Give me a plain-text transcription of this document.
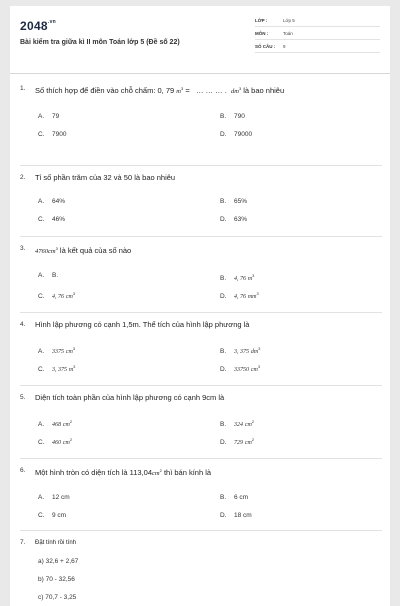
$2048^{.vn}$
Bài kiểm tra giữa kì II môn Toán lớp 5 (Đề số 22)
LỚP :	Lớp 5
MÔN :	Toán
SỐ CÂU :	9
1.	Số thích hợp để điền vào chỗ chấm: 0, 79 $m^3$ = … … … . $dm^3$ là bao nhiêu
A. 79	B. 790
C. 7900	D. 79000
2.	Tỉ số phần trăm của 32 và 50 là bao nhiêu
A. 64%	B. 65%
C. 46%	D. 63%
3.	$4760cm^3$ là kết quả của số nào
A. B.	B. 4, 76 $m^3$
C. 4, 76 $cm^3$	D. 4, 76 $mm^3$
4.	Hình lập phương có cạnh 1,5m. Thể tích của hình lập phương là
A. 3375 $cm^3$	B. 3, 375 $dm^3$
C. 3, 375 $m^3$	D. 33750 $cm^3$
5.	Diện tích toàn phần của hình lập phương có cạnh 9cm là
A. 468 $cm^2$	B. 324 $cm^2$
C. 460 $cm^2$	D. 729 $cm^2$
6.	Một hình tròn có diện tích là $113,04cm^2$ thì bán kính là
A. 12 cm	B. 6 cm
C. 9 cm	D. 18 cm
7.	Đặt tính rồi tính
a) 32,6 + 2,67
b) 70 - 32,56
c) 70,7 - 3,25
